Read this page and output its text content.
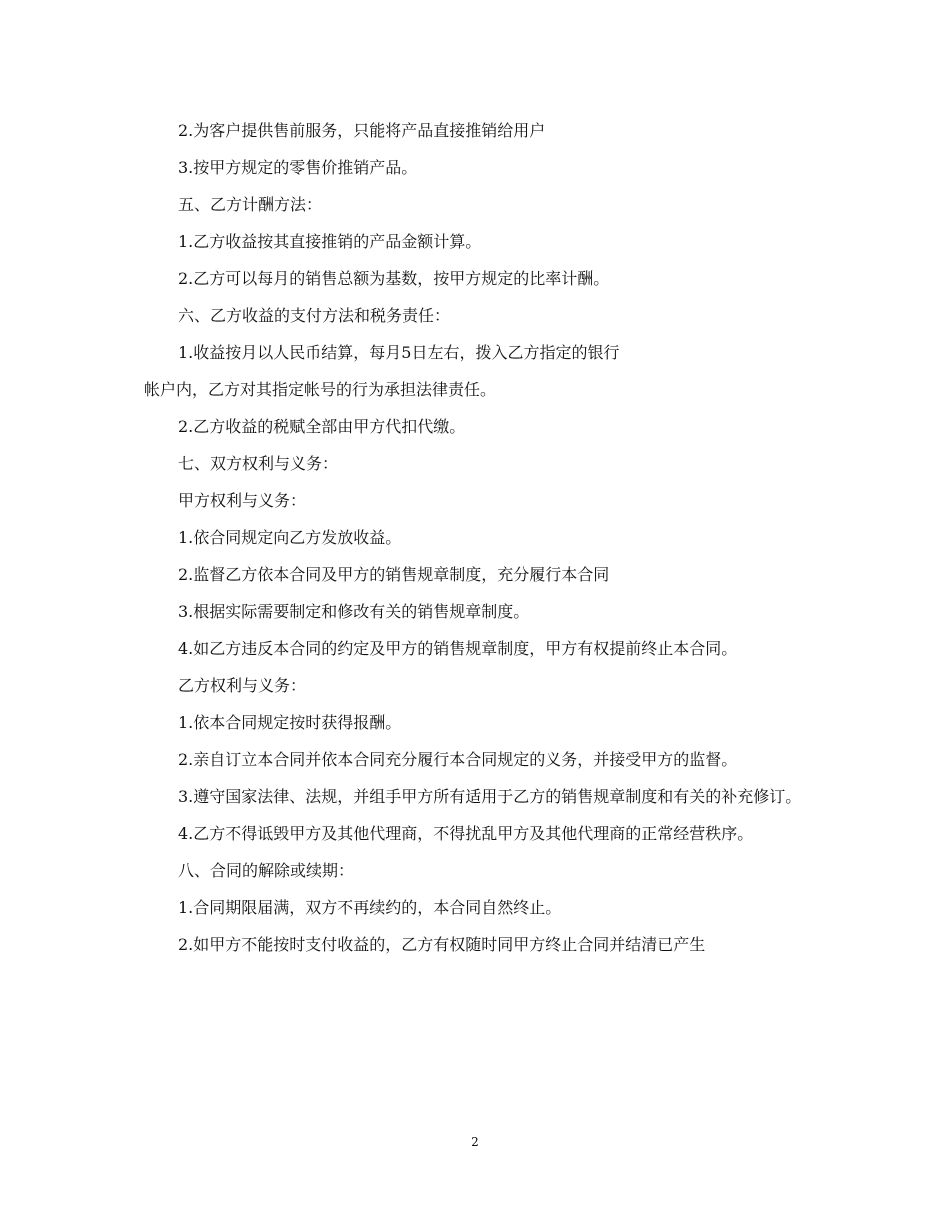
2.为客户提供售前服务，只能将产品直接推销给用户

3.按甲方规定的零售价推销产品。

五、乙方计酬方法：

1.乙方收益按其直接推销的产品金额计算。

2.乙方可以每月的销售总额为基数，按甲方规定的比率计酬。

六、乙方收益的支付方法和税务责任：

1.收益按月以人民币结算，每月5日左右，拨入乙方指定的银行

帐户内，乙方对其指定帐号的行为承担法律责任。

2.乙方收益的税赋全部由甲方代扣代缴。

七、双方权利与义务：

甲方权利与义务：

1.依合同规定向乙方发放收益。

2.监督乙方依本合同及甲方的销售规章制度，充分履行本合同

3.根据实际需要制定和修改有关的销售规章制度。

4.如乙方违反本合同的约定及甲方的销售规章制度，甲方有权提前终止本合同。

乙方权利与义务：

1.依本合同规定按时获得报酬。

2.亲自订立本合同并依本合同充分履行本合同规定的义务，并接受甲方的监督。

3.遵守国家法律、法规，并组手甲方所有适用于乙方的销售规章制度和有关的补充修订。

4.乙方不得诋毁甲方及其他代理商，不得扰乱甲方及其他代理商的正常经营秩序。

八、合同的解除或续期：

1.合同期限届满，双方不再续约的，本合同自然终止。

2.如甲方不能按时支付收益的，乙方有权随时同甲方终止合同并结清已产生

2
